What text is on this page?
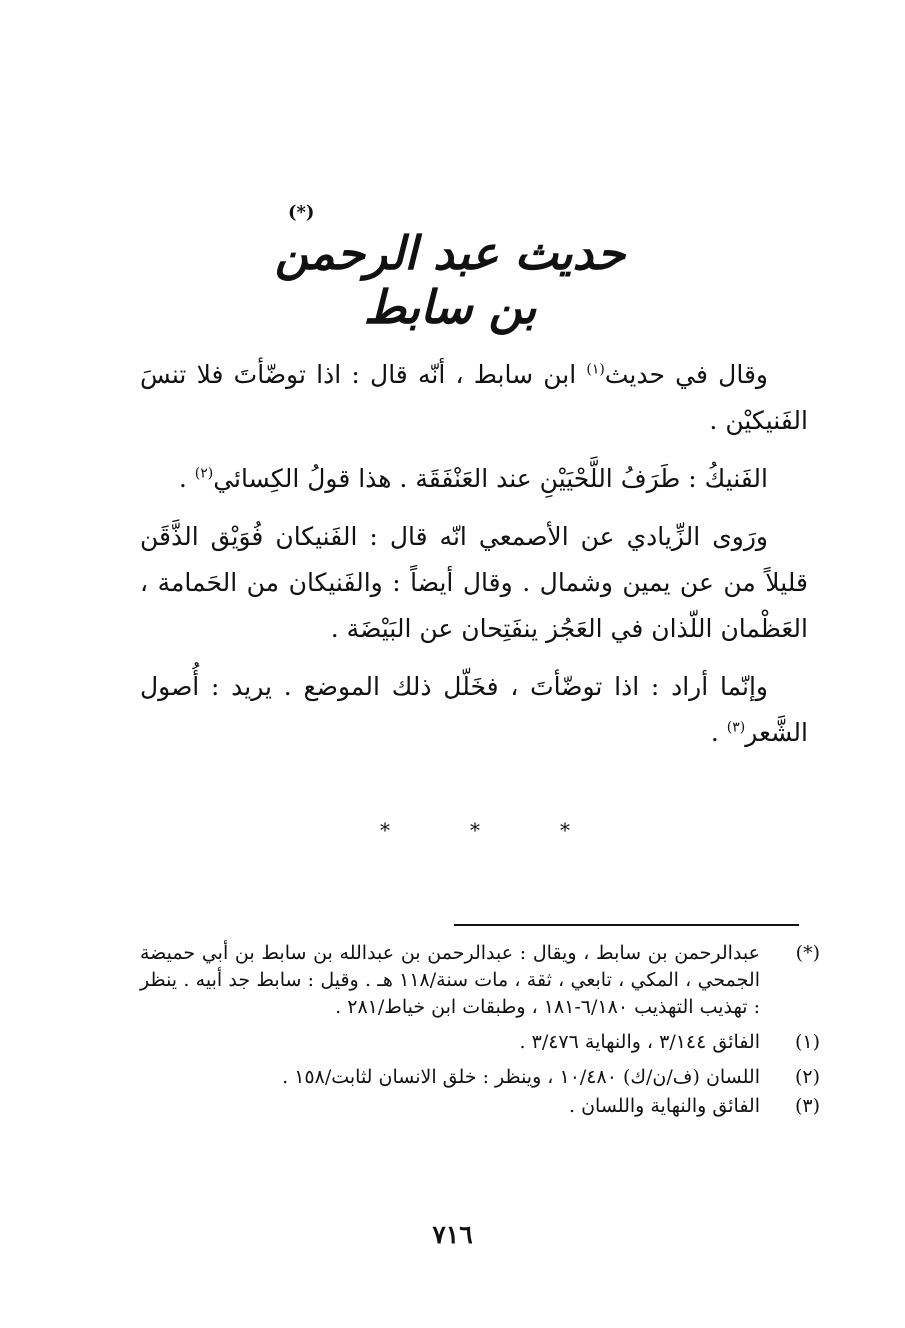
(*)
حديث عبد الرحمن بن سابط

وقال في حديث$^{(١)}$ ابن سابط ، أنّه قال : اذا توضّأتَ فلا تنسَ الفَنيكيْن .

الفَنيكُ : طَرَفُ اللَّحْيَيْنِ عند العَنْفَقَة . هذا قولُ الكِسائي$^{(٢)}$ .

ورَوى الزِّيادي عن الأصمعي انّه قال : الفَنيكان فُوَيْق الذَّقَن قليلاً من عن يمين وشمال . وقال أيضاً : والفَنيكان من الحَمامة ، العَظْمان اللّذان في العَجُز ينفَتِحان عن البَيْضَة .

وإنّما أراد : اذا توضّأتَ ، فخَلّل ذلك الموضع . يريد : أُصول الشَّعر$^{(٣)}$ .

*	*	*
(*)
عبدالرحمن بن سابط ، ويقال : عبدالرحمن بن عبدالله بن سابط بن أبي حميضة الجمحي ، المكي ، تابعي ، ثقة ، مات سنة/١١٨ هـ . وقيل : سابط جد أبيه . ينظر : تهذيب التهذيب ٦/١٨٠-١٨١ ، وطبقات ابن خياط/٢٨١ .
(١)
الفائق ٣/١٤٤ ، والنهاية ٣/٤٧٦ .
(٢)
اللسان (ف/ن/ك) ١٠/٤٨٠ ، وينظر : خلق الانسان لثابت/١٥٨ .
(٣)
الفائق والنهاية واللسان .
٧١٦
